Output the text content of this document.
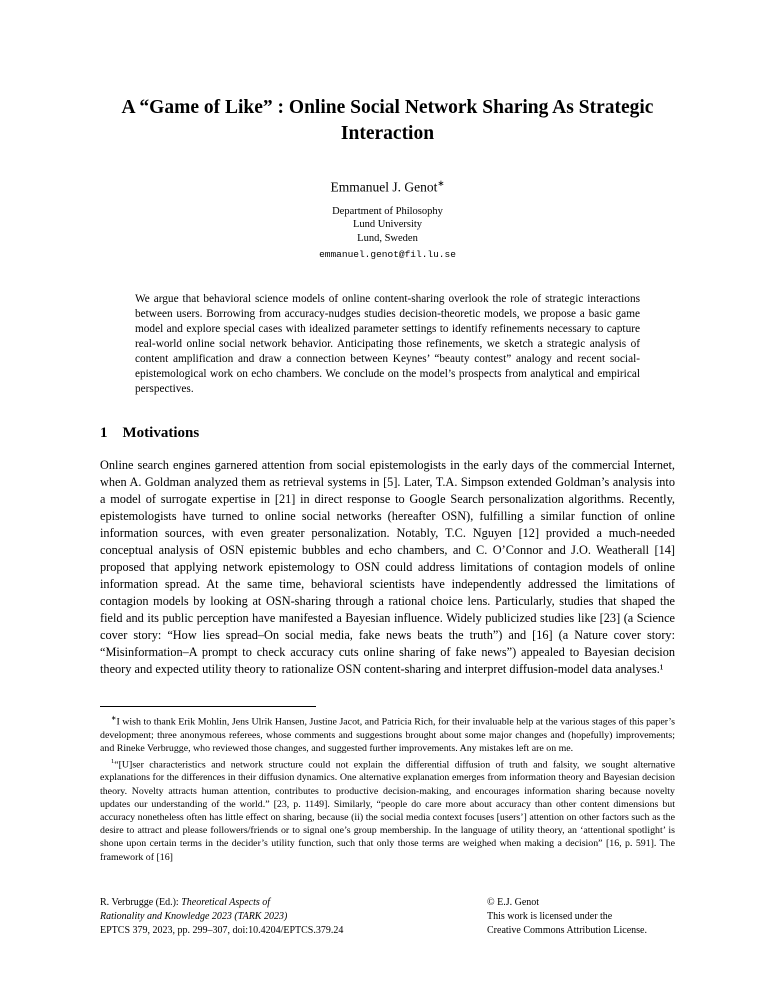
A “Game of Like” : Online Social Network Sharing As Strategic Interaction
Emmanuel J. Genot∗
Department of Philosophy
Lund University
Lund, Sweden
emmanuel.genot@fil.lu.se

We argue that behavioral science models of online content-sharing overlook the role of strategic interactions between users. Borrowing from accuracy-nudges studies decision-theoretic models, we propose a basic game model and explore special cases with idealized parameter settings to identify refinements necessary to capture real-world online social network behavior. Anticipating those refinements, we sketch a strategic analysis of content amplification and draw a connection between Keynes’ “beauty contest” analogy and recent social-epistemological work on echo chambers. We conclude on the model’s prospects from analytical and empirical perspectives.

1 Motivations

Online search engines garnered attention from social epistemologists in the early days of the commercial Internet, when A. Goldman analyzed them as retrieval systems in [5]. Later, T.A. Simpson extended Goldman’s analysis into a model of surrogate expertise in [21] in direct response to Google Search personalization algorithms. Recently, epistemologists have turned to online social networks (hereafter OSN), fulfilling a similar function of online information sources, with even greater personalization. Notably, T.C. Nguyen [12] provided a much-needed conceptual analysis of OSN epistemic bubbles and echo chambers, and C. O’Connor and J.O. Weatherall [14] proposed that applying network epistemology to OSN could address limitations of contagion models of online information spread. At the same time, behavioral scientists have independently addressed the limitations of contagion models by looking at OSN-sharing through a rational choice lens. Particularly, studies that shaped the field and its public perception have manifested a Bayesian influence. Widely publicized studies like [23] (a Science cover story: “How lies spread–On social media, fake news beats the truth”) and [16] (a Nature cover story: “Misinformation–A prompt to check accuracy cuts online sharing of fake news”) appealed to Bayesian decision theory and expected utility theory to rationalize OSN content-sharing and interpret diffusion-model data analyses.¹

∗I wish to thank Erik Mohlin, Jens Ulrik Hansen, Justine Jacot, and Patricia Rich, for their invaluable help at the various stages of this paper’s development; three anonymous referees, whose comments and suggestions brought about some major changes and (hopefully) improvements; and Rineke Verbrugge, who reviewed those changes, and suggested further improvements. Any mistakes left are on me.

$^1$“[U]ser characteristics and network structure could not explain the differential diffusion of truth and falsity, we sought alternative explanations for the differences in their diffusion dynamics. One alternative explanation emerges from information theory and Bayesian decision theory. Novelty attracts human attention, contributes to productive decision-making, and encourages information sharing because novelty updates our understanding of the world.” [23, p. 1149]. Similarly, “people do care more about accuracy than other content dimensions but accuracy nonetheless often has little effect on sharing, because (ii) the social media context focuses [users’] attention on other factors such as the desire to attract and please followers/friends or to signal one’s group membership. In the language of utility theory, an ‘attentional spotlight’ is shone upon certain terms in the decider’s utility function, such that only those terms are weighed when making a decision” [16, p. 591]. The framework of [16]

R. Verbrugge (Ed.): Theoretical Aspects of
Rationality and Knowledge 2023 (TARK 2023)
EPTCS 379, 2023, pp. 299–307, doi:10.4204/EPTCS.379.24
© E.J. Genot
This work is licensed under the
Creative Commons Attribution License.
